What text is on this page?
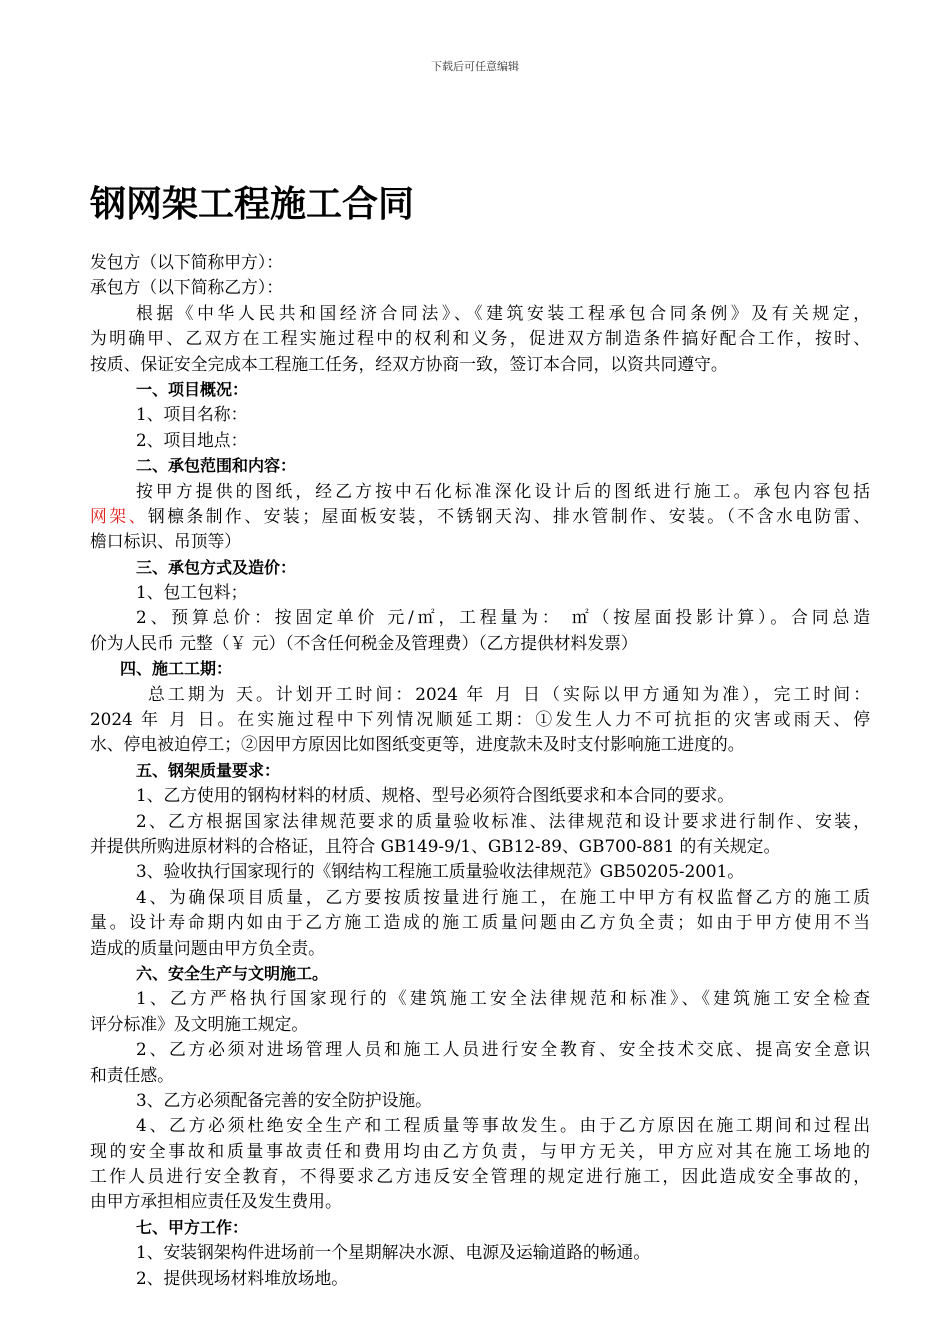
下载后可任意编辑
钢网架工程施工合同
发包方（以下简称甲方）：
承包方（以下简称乙方）：
根据《中华人民共和国经济合同法》、《建筑安装工程承包合同条例》及有关规定，
为明确甲、乙双方在工程实施过程中的权利和义务，促进双方制造条件搞好配合工作，按时、
按质、保证安全完成本工程施工任务，经双方协商一致，签订本合同，以资共同遵守。
一、项目概况：
1、项目名称：
2、项目地点：
二、承包范围和内容：
按甲方提供的图纸，经乙方按中石化标准深化设计后的图纸进行施工。承包内容包括
网架、钢檩条制作、安装；屋面板安装，不锈钢天沟、排水管制作、安装。（不含水电防雷、
檐口标识、吊顶等）
三、承包方式及造价：
1、包工包料；
2、预算总价：按固定单价 元/㎡，工程量为： ㎡（按屋面投影计算）。合同总造
价为人民币 元整（￥ 元）（不含任何税金及管理费）（乙方提供材料发票）
四、施工工期：
总工期为 天。计划开工时间：2024 年 月 日（实际以甲方通知为准），完工时间：
2024 年 月 日。在实施过程中下列情况顺延工期：①发生人力不可抗拒的灾害或雨天、停
水、停电被迫停工；②因甲方原因比如图纸变更等，进度款未及时支付影响施工进度的。
五、钢架质量要求：
1、乙方使用的钢构材料的材质、规格、型号必须符合图纸要求和本合同的要求。
2、乙方根据国家法律规范要求的质量验收标准、法律规范和设计要求进行制作、安装，
并提供所购进原材料的合格证，且符合 GB149-9/1、GB12-89、GB700-881 的有关规定。
3、验收执行国家现行的《钢结构工程施工质量验收法律规范》GB50205-2001。
4、为确保项目质量，乙方要按质按量进行施工，在施工中甲方有权监督乙方的施工质
量。设计寿命期内如由于乙方施工造成的施工质量问题由乙方负全责；如由于甲方使用不当
造成的质量问题由甲方负全责。
六、安全生产与文明施工。
1、乙方严格执行国家现行的《建筑施工安全法律规范和标准》、《建筑施工安全检查
评分标准》及文明施工规定。
2、乙方必须对进场管理人员和施工人员进行安全教育、安全技术交底、提高安全意识
和责任感。
3、乙方必须配备完善的安全防护设施。
4、乙方必须杜绝安全生产和工程质量等事故发生。由于乙方原因在施工期间和过程出
现的安全事故和质量事故责任和费用均由乙方负责，与甲方无关，甲方应对其在施工场地的
工作人员进行安全教育，不得要求乙方违反安全管理的规定进行施工，因此造成安全事故的，
由甲方承担相应责任及发生费用。
七、甲方工作：
1、安装钢架构件进场前一个星期解决水源、电源及运输道路的畅通。
2、提供现场材料堆放场地。
